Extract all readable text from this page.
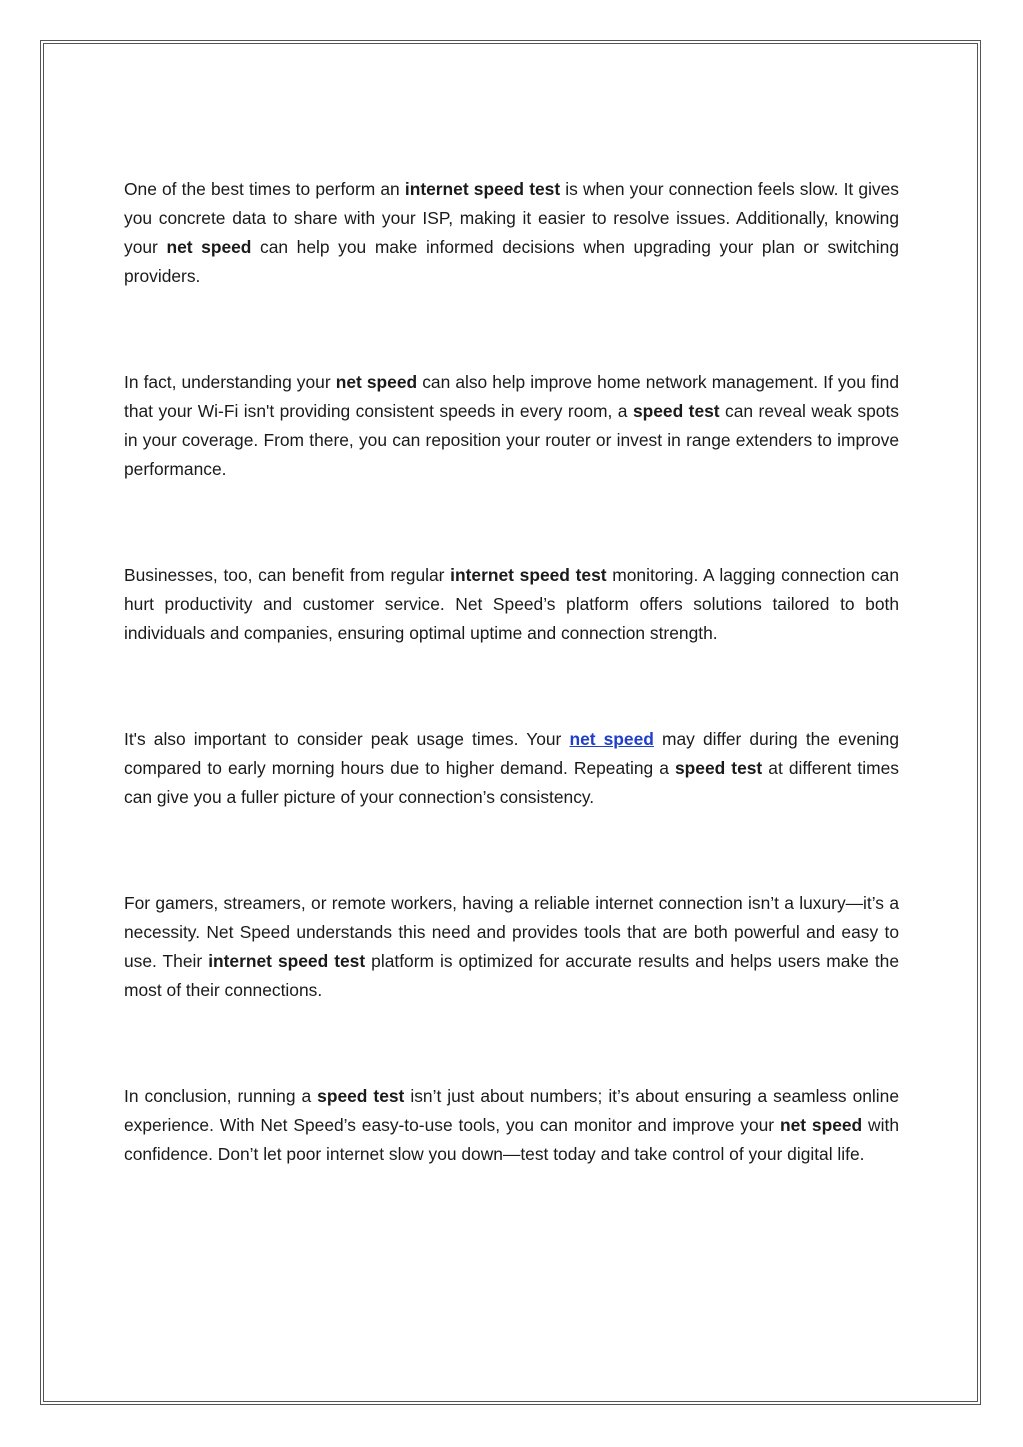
One of the best times to perform an internet speed test is when your connection feels slow. It gives you concrete data to share with your ISP, making it easier to resolve issues. Additionally, knowing your net speed can help you make informed decisions when upgrading your plan or switching providers.

In fact, understanding your net speed can also help improve home network management. If you find that your Wi-Fi isn't providing consistent speeds in every room, a speed test can reveal weak spots in your coverage. From there, you can reposition your router or invest in range extenders to improve performance.

Businesses, too, can benefit from regular internet speed test monitoring. A lagging connection can hurt productivity and customer service. Net Speed’s platform offers solutions tailored to both individuals and companies, ensuring optimal uptime and connection strength.

It's also important to consider peak usage times. Your net speed may differ during the evening compared to early morning hours due to higher demand. Repeating a speed test at different times can give you a fuller picture of your connection’s consistency.

For gamers, streamers, or remote workers, having a reliable internet connection isn’t a luxury—it’s a necessity. Net Speed understands this need and provides tools that are both powerful and easy to use. Their internet speed test platform is optimized for accurate results and helps users make the most of their connections.

In conclusion, running a speed test isn’t just about numbers; it’s about ensuring a seamless online experience. With Net Speed’s easy-to-use tools, you can monitor and improve your net speed with confidence. Don’t let poor internet slow you down—test today and take control of your digital life.
